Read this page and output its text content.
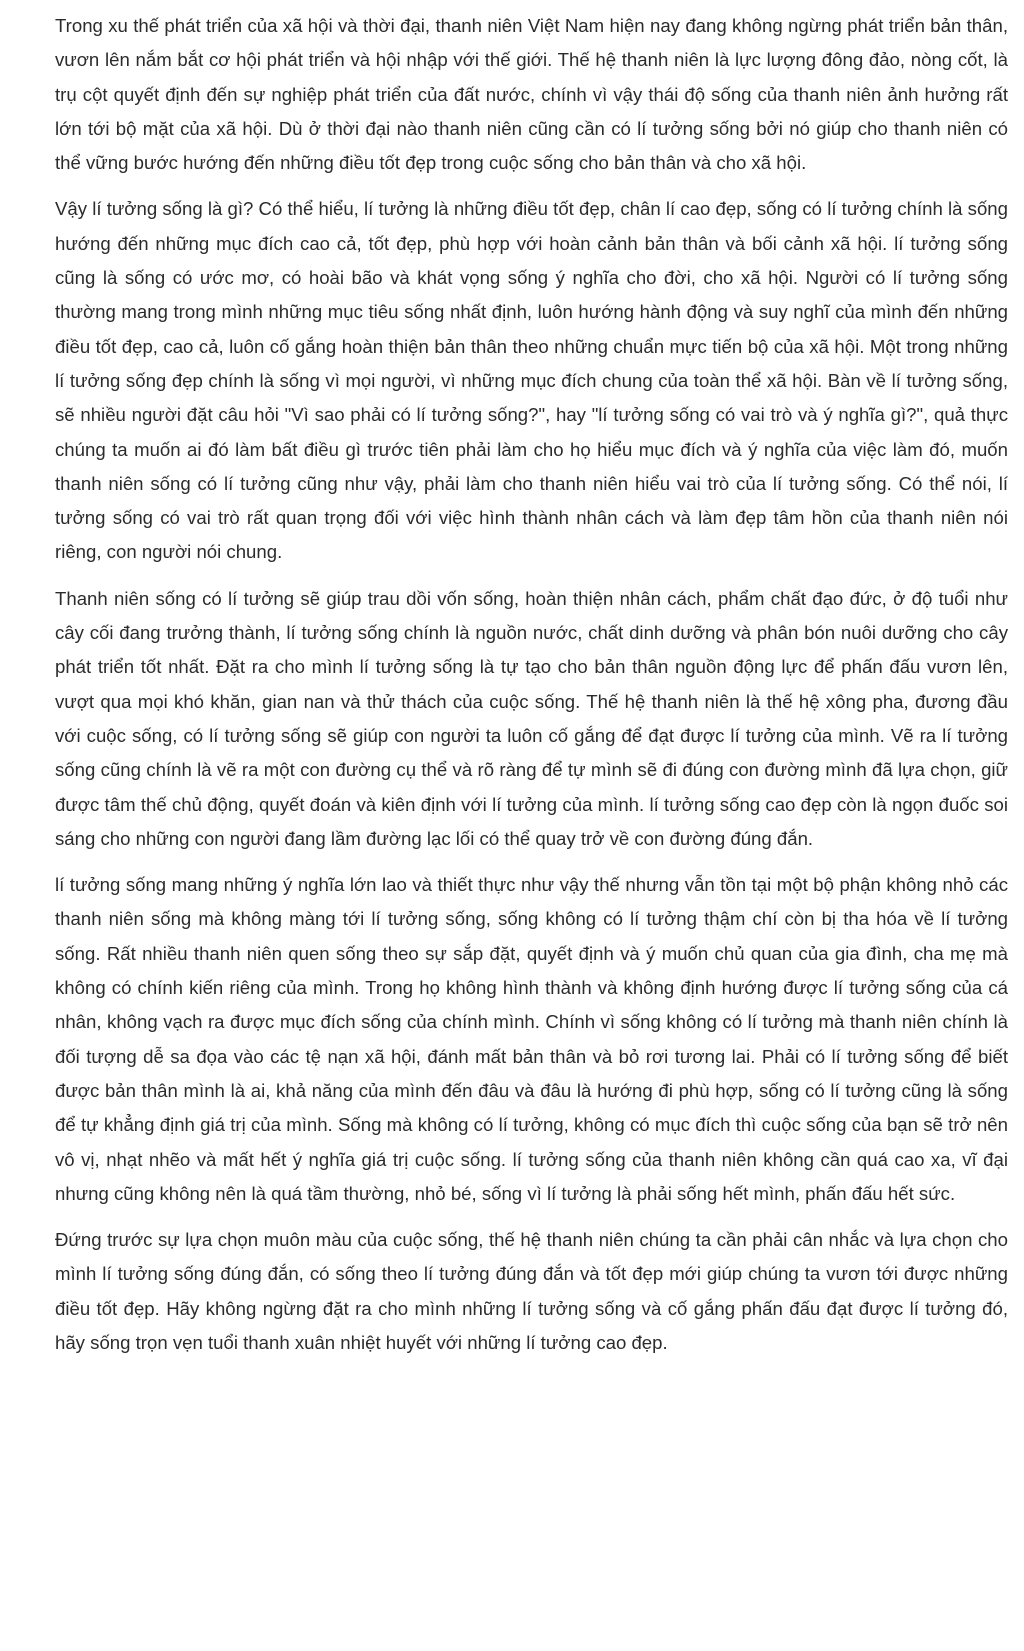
Trong xu thế phát triển của xã hội và thời đại, thanh niên Việt Nam hiện nay đang không ngừng phát triển bản thân, vươn lên nắm bắt cơ hội phát triển và hội nhập với thế giới. Thế hệ thanh niên là lực lượng đông đảo, nòng cốt, là trụ cột quyết định đến sự nghiệp phát triển của đất nước, chính vì vậy thái độ sống của thanh niên ảnh hưởng rất lớn tới bộ mặt của xã hội. Dù ở thời đại nào thanh niên cũng cần có lí tưởng sống bởi nó giúp cho thanh niên có thể vững bước hướng đến những điều tốt đẹp trong cuộc sống cho bản thân và cho xã hội.

Vậy lí tưởng sống là gì? Có thể hiểu, lí tưởng là những điều tốt đẹp, chân lí cao đẹp, sống có lí tưởng chính là sống hướng đến những mục đích cao cả, tốt đẹp, phù hợp với hoàn cảnh bản thân và bối cảnh xã hội. lí tưởng sống cũng là sống có ước mơ, có hoài bão và khát vọng sống ý nghĩa cho đời, cho xã hội. Người có lí tưởng sống thường mang trong mình những mục tiêu sống nhất định, luôn hướng hành động và suy nghĩ của mình đến những điều tốt đẹp, cao cả, luôn cố gắng hoàn thiện bản thân theo những chuẩn mực tiến bộ của xã hội. Một trong những lí tưởng sống đẹp chính là sống vì mọi người, vì những mục đích chung của toàn thể xã hội. Bàn về lí tưởng sống, sẽ nhiều người đặt câu hỏi "Vì sao phải có lí tưởng sống?", hay "lí tưởng sống có vai trò và ý nghĩa gì?", quả thực chúng ta muốn ai đó làm bất điều gì trước tiên phải làm cho họ hiểu mục đích và ý nghĩa của việc làm đó, muốn thanh niên sống có lí tưởng cũng như vậy, phải làm cho thanh niên hiểu vai trò của lí tưởng sống. Có thể nói, lí tưởng sống có vai trò rất quan trọng đối với việc hình thành nhân cách và làm đẹp tâm hồn của thanh niên nói riêng, con người nói chung.

Thanh niên sống có lí tưởng sẽ giúp trau dồi vốn sống, hoàn thiện nhân cách, phẩm chất đạo đức, ở độ tuổi như cây cối đang trưởng thành, lí tưởng sống chính là nguồn nước, chất dinh dưỡng và phân bón nuôi dưỡng cho cây phát triển tốt nhất. Đặt ra cho mình lí tưởng sống là tự tạo cho bản thân nguồn động lực để phấn đấu vươn lên, vượt qua mọi khó khăn, gian nan và thử thách của cuộc sống. Thế hệ thanh niên là thế hệ xông pha, đương đầu với cuộc sống, có lí tưởng sống sẽ giúp con người ta luôn cố gắng để đạt được lí tưởng của mình. Vẽ ra lí tưởng sống cũng chính là vẽ ra một con đường cụ thể và rõ ràng để tự mình sẽ đi đúng con đường mình đã lựa chọn, giữ được tâm thế chủ động, quyết đoán và kiên định với lí tưởng của mình. lí tưởng sống cao đẹp còn là ngọn đuốc soi sáng cho những con người đang lầm đường lạc lối có thể quay trở về con đường đúng đắn.

lí tưởng sống mang những ý nghĩa lớn lao và thiết thực như vậy thế nhưng vẫn tồn tại một bộ phận không nhỏ các thanh niên sống mà không màng tới lí tưởng sống, sống không có lí tưởng thậm chí còn bị tha hóa về lí tưởng sống. Rất nhiều thanh niên quen sống theo sự sắp đặt, quyết định và ý muốn chủ quan của gia đình, cha mẹ mà không có chính kiến riêng của mình. Trong họ không hình thành và không định hướng được lí tưởng sống của cá nhân, không vạch ra được mục đích sống của chính mình. Chính vì sống không có lí tưởng mà thanh niên chính là đối tượng dễ sa đọa vào các tệ nạn xã hội, đánh mất bản thân và bỏ rơi tương lai. Phải có lí tưởng sống để biết được bản thân mình là ai, khả năng của mình đến đâu và đâu là hướng đi phù hợp, sống có lí tưởng cũng là sống để tự khẳng định giá trị của mình. Sống mà không có lí tưởng, không có mục đích thì cuộc sống của bạn sẽ trở nên vô vị, nhạt nhẽo và mất hết ý nghĩa giá trị cuộc sống. lí tưởng sống của thanh niên không cần quá cao xa, vĩ đại nhưng cũng không nên là quá tầm thường, nhỏ bé, sống vì lí tưởng là phải sống hết mình, phấn đấu hết sức.

Đứng trước sự lựa chọn muôn màu của cuộc sống, thế hệ thanh niên chúng ta cần phải cân nhắc và lựa chọn cho mình lí tưởng sống đúng đắn, có sống theo lí tưởng đúng đắn và tốt đẹp mới giúp chúng ta vươn tới được những điều tốt đẹp. Hãy không ngừng đặt ra cho mình những lí tưởng sống và cố gắng phấn đấu đạt được lí tưởng đó, hãy sống trọn vẹn tuổi thanh xuân nhiệt huyết với những lí tưởng cao đẹp.
